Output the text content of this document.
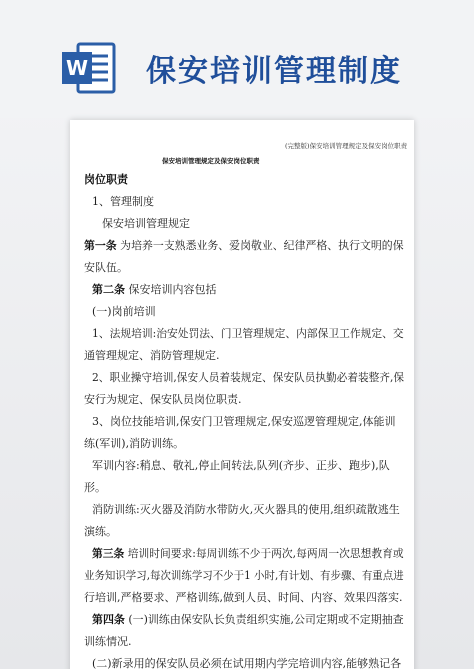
W 保安培训管理制度
(完整版)保安培训管理规定及保安岗位职责
保安培训管理规定及保安岗位职责
岗位职责
1、管理制度
保安培训管理规定
第一条 为培养一支熟悉业务、爱岗敬业、纪律严格、执行文明的保
安队伍。
第二条 保安培训内容包括
(一)岗前培训
1、法规培训:治安处罚法、门卫管理规定、内部保卫工作规定、交
通管理规定、消防管理规定.
2、职业操守培训,保安人员着装规定、保安队员执勤必着装整齐,保
安行为规定、保安队员岗位职责.
3、岗位技能培训,保安门卫管理规定,保安巡逻管理规定,体能训
练(军训),消防训练。
军训内容:稍息、敬礼,停止间转法,队列(齐步、正步、跑步),队
形。
消防训练:灭火器及消防水带防火,灭火器具的使用,组织疏散逃生
演练。
第三条 培训时间要求:每周训练不少于两次,每两周一次思想教育或
业务知识学习,每次训练学习不少于1 小时,有计划、有步骤、有重点进
行培训,严格要求、严格训练,做到人员、时间、内容、效果四落实.
第四条 (一)训练由保安队长负责组织实施,公司定期或不定期抽查
训练情况.
(二)新录用的保安队员必须在试用期内学完培训内容,能够熟记各
